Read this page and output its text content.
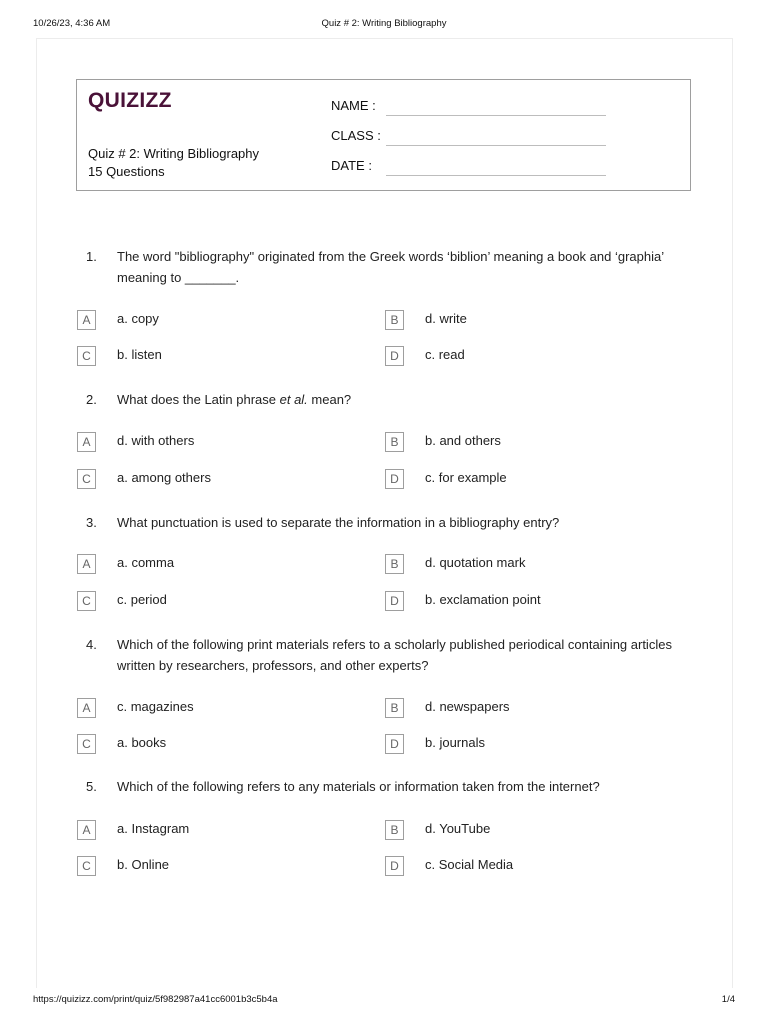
10/26/23, 4:36 AM	Quiz # 2: Writing Bibliography
QUIZIZZ
Quiz # 2: Writing Bibliography
15 Questions
NAME :
CLASS :
DATE :
1. The word "bibliography" originated from the Greek words ‘biblion’ meaning a book and ‘graphia’
meaning to _______.
A	a. copy	B	d. write
C	b. listen	D	c. read
2. What does the Latin phrase et al. mean?
A	d. with others	B	b. and others
C	a. among others	D	c. for example
3. What punctuation is used to separate the information in a bibliography entry?
A	a. comma	B	d. quotation mark
C	c. period	D	b. exclamation point
4. Which of the following print materials refers to a scholarly published periodical containing articles
written by researchers, professors, and other experts?
A	c. magazines	B	d. newspapers
C	a. books	D	b. journals
5. Which of the following refers to any materials or information taken from the internet?
A	a. Instagram	B	d. YouTube
C	b. Online	D	c. Social Media
https://quizizz.com/print/quiz/5f982987a41cc6001b3c5b4a	1/4
